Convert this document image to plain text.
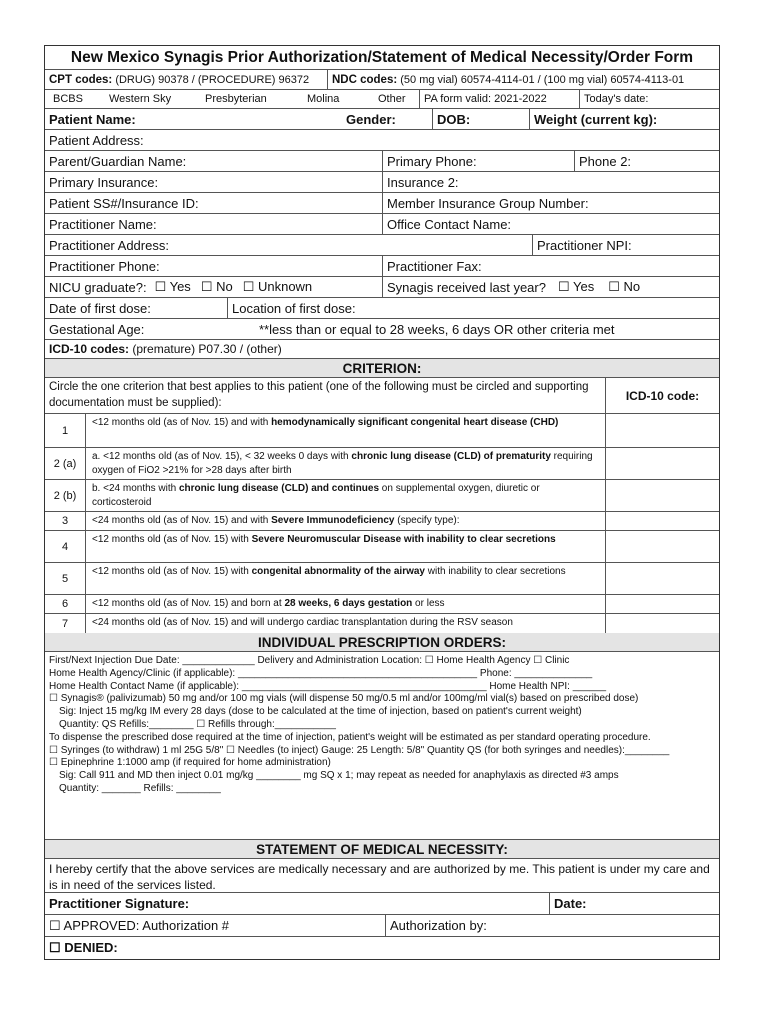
New Mexico Synagis Prior Authorization/Statement of Medical Necessity/Order Form
CPT codes:
(DRUG) 90378 / (PROCEDURE) 96372 NDC codes:
(50 mg vial) 60574-4114-01 / (100 mg vial) 60574-4113-01
BCBS	Western Sky	Presbyterian	Molina	Other	PA form valid: 2021-2022	Today's date:
Patient Name:	Gender:	DOB:	Weight (current kg):
Patient Address:
Parent/Guardian Name:	Primary Phone:	Phone 2:
Primary Insurance:	Insurance 2:
Patient SS#/Insurance ID:	Member Insurance Group Number:
Practitioner Name:	Office Contact Name:
Practitioner Address:	Practitioner NPI:
Practitioner Phone:	Practitioner Fax:
NICU graduate?: ☐ Yes ☐ No ☐ Unknown	Synagis received last year? ☐ Yes ☐ No
Date of first dose:	Location of first dose:
Gestational Age:	**less than or equal to 28 weeks, 6 days OR other criteria met
ICD-10 codes:
(premature) P07.30 / (other)
CRITERION:
Circle the one criterion that best applies to this patient (one of the following must be circled and supporting documentation must be supplied):
ICD-10 code:
1
<12 months old (as of Nov. 15) and with hemodynamically significant congenital heart disease (CHD)
2 (a)
a. <12 months old (as of Nov. 15), < 32 weeks 0 days with chronic lung disease (CLD) of prematurity requiring oxygen of FiO2 >21% for >28 days after birth
2 (b)
b. <24 months with chronic lung disease (CLD) and continues on supplemental oxygen, diuretic or corticosteroid
3	<24 months old (as of Nov. 15) and with Severe Immunodeficiency (specify type):
4
<12 months old (as of Nov. 15) with Severe Neuromuscular Disease with inability to clear secretions
5
<12 months old (as of Nov. 15) with congenital abnormality of the airway with inability to clear secretions
6	<12 months old (as of Nov. 15) and born at 28 weeks, 6 days gestation or less
7	<24 months old (as of Nov. 15) and will undergo cardiac transplantation during the RSV season
INDIVIDUAL PRESCRIPTION ORDERS:
First/Next Injection Due Date: _____________ Delivery and Administration Location: ☐ Home Health Agency ☐ Clinic
Home Health Agency/Clinic (if applicable): ___________________________________________ Phone: ______________
Home Health Contact Name (if applicable): ____________________________________________ Home Health NPI: ______
☐ Synagis® (palivizumab) 50 mg and/or 100 mg vials (will dispense 50 mg/0.5 ml and/or 100mg/ml vial(s) based on prescribed dose)
Sig: Inject 15 mg/kg IM every 28 days (dose to be calculated at the time of injection, based on patient's current weight)
Quantity: QS Refills:________ ☐ Refills through:___________
To dispense the prescribed dose required at the time of injection, patient's weight will be estimated as per standard operating procedure.
☐ Syringes (to withdraw) 1 ml 25G 5/8" ☐ Needles (to inject) Gauge: 25 Length: 5/8" Quantity QS (for both syringes and needles):________
☐ Epinephrine 1:1000 amp (if required for home administration)
Sig: Call 911 and MD then inject 0.01 mg/kg ________ mg SQ x 1; may repeat as needed for anaphylaxis as directed #3 amps
Quantity: _______ Refills: ________
STATEMENT OF MEDICAL NECESSITY:
I hereby certify that the above services are medically necessary and are authorized by me. This patient is under my care and is in need of the services listed.
Practitioner Signature:	Date:
☐ APPROVED: Authorization #	Authorization by:
☐ DENIED:
